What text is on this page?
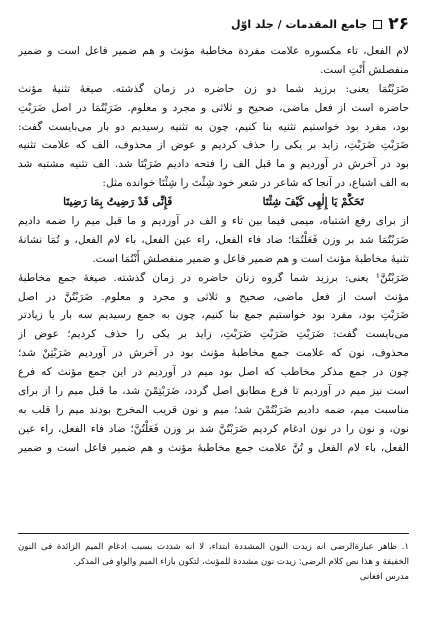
۲۶
جامع المقدمات / جلد اوّل
لام الفعل، تاء مكسوره علامت مفردة مخاطبة مؤنث و هم ضمير فاعل است و ضمير
منفصلش أَنْتِ است.
ضَرَبْتُمَا يعنى: برزيد شما دو زن حاضره در زمان گذشته. صيغهٔ تثنيهٔ مؤنث
حاضره است از فعل ماضى، صحيح و ثلاثى و مجرد و معلوم. ضَرَبْتُمَا در اصل ضَرَبْتِ
بود، مفرد بود خواستيم تثنيه بنا كنيم، چون به تثنيه رسيديم دو بار مى‌بايست گفت:
ضَرَبْتِ ضَرَبْتِ، زايد بر يكى را حذف كرديم و عوض از محذوف، الف كه علامت تثنيه
بود در آخرش در آورديم و ما قبل الف را فتحه داديم ضَرَبْتَا شد. الف تثنيه مشتبه شد
به الف اشباع، در آنجا كه شاعر در شعر خود شِئْتَ را شِئْتَا خوانده مثل:
تَحَكَّمْ يَا إِلٰهِى كَيْفَ شِئْتَا
فَإِنِّى قَدْ رَضِيتُ بِمَا رَضِيتَا
از براى رفع اشتباه، ميمى فيما بين تاء و الف در آورديم و ما قبل ميم را ضمه داديم
ضَرَبْتُمَا شد بر وزن فَعَلْتُمَا؛ ضاد فاء الفعل، راء عين الفعل، باء لام الفعل، و تُمَا نشانهٔ
تثنيهٔ مخاطبهٔ مؤنث است و هم ضمير فاعل و ضمير منفصلش أَنْتُمَا است.
ضَرَبْتُنَّ¹ يعنى: برزيد شما گروه زنان حاضره در زمان گذشته. صيغهٔ جمع مخاطبهٔ
مؤنث است از فعل ماضى، صحيح و ثلاثى و مجرد و معلوم. ضَرَبْتُنَّ در اصل
ضَرَبْتِ بود، مفرد بود خواستيم جمع بنا كنيم، چون به جمع رسيديم سه بار يا زيادتر
مى‌بايست گفت: ضَرَبْتِ ضَرَبْتِ ضَرَبْتِ، زايد بر يكى را حذف كرديم؛ عوض از
محذوف، نون كه علامت جمع مخاطبهٔ مؤنث بود در آخرش در آورديم ضَرَبْتِنْ شد؛
چون در جمع مذكر مخاطب كه اصل بود ميم در آورديم در اين جمع مؤنث كه فرع
است نيز ميم در آورديم تا فرع مطابق اصل گردد، ضَرَبْتِمْنَ شد، ما قبل ميم را از براى
مناسبت ميم، ضمه داديم ضَرَبْتُمْنَ شد؛ ميم و نون قريب المخرج بودند ميم را قلب به
نون، و نون را در نون ادغام كرديم ضَرَبْتُنَّ شد بر وزن فَعَلْتُنَّ؛ ضاد فاء الفعل، راء عين
الفعل، باء لام الفعل و تُنَّ علامت جمع مخاطبهٔ مؤنث و هم ضمير فاعل است و ضمير
۱. ظاهر عبارةالرضى انه زيدت النون المشددة ابتداء، لا انه شددت بسبب ادغام الميم الزائدة فى النون
الخفيفة و هذا نص كلام الرضى: زيدت نون مشددة للمؤنث، لتكون بازاء الميم والواو فى المذكر.
مدرس افغانى
